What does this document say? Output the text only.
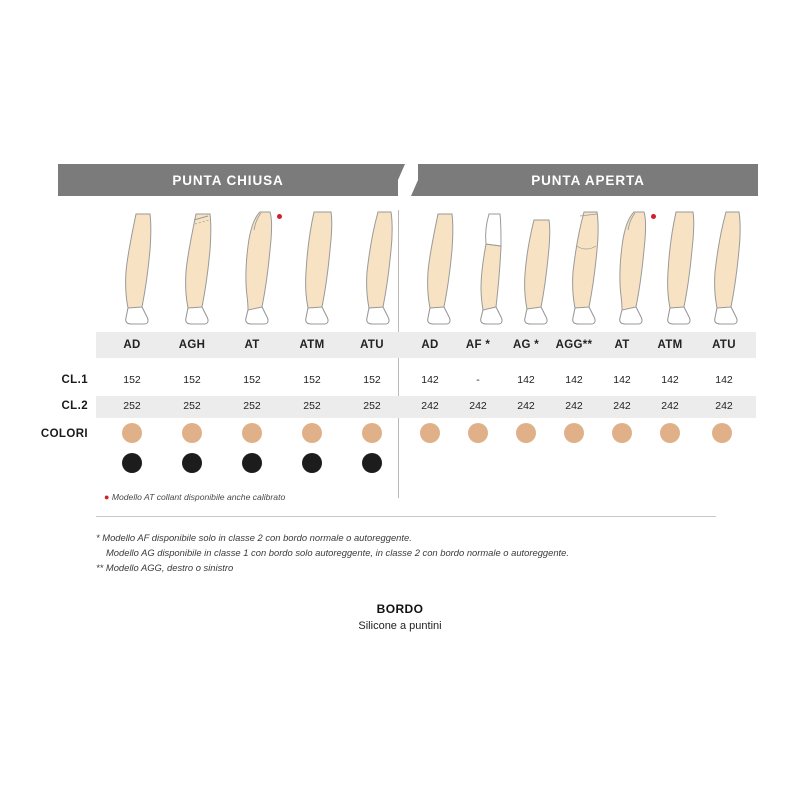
PUNTA CHIUSA	PUNTA APERTA
AD	AGH	AT	ATM	ATU	AD	AF *	AG *	AGG**	AT	ATM	ATU
CL.1	152	152	152	152	152	142	-	142	142	142	142	142
CL.2	252	252	252	252	252	242	242	242	242	242	242	242
COLORI
● Modello AT collant disponibile anche calibrato
* Modello AF disponibile solo in classe 2 con bordo normale o autoreggente.
Modello AG disponibile in classe 1 con bordo solo autoreggente, in classe 2 con bordo normale o autoreggente.
** Modello AGG, destro o sinistro
BORDO
Silicone a puntini
